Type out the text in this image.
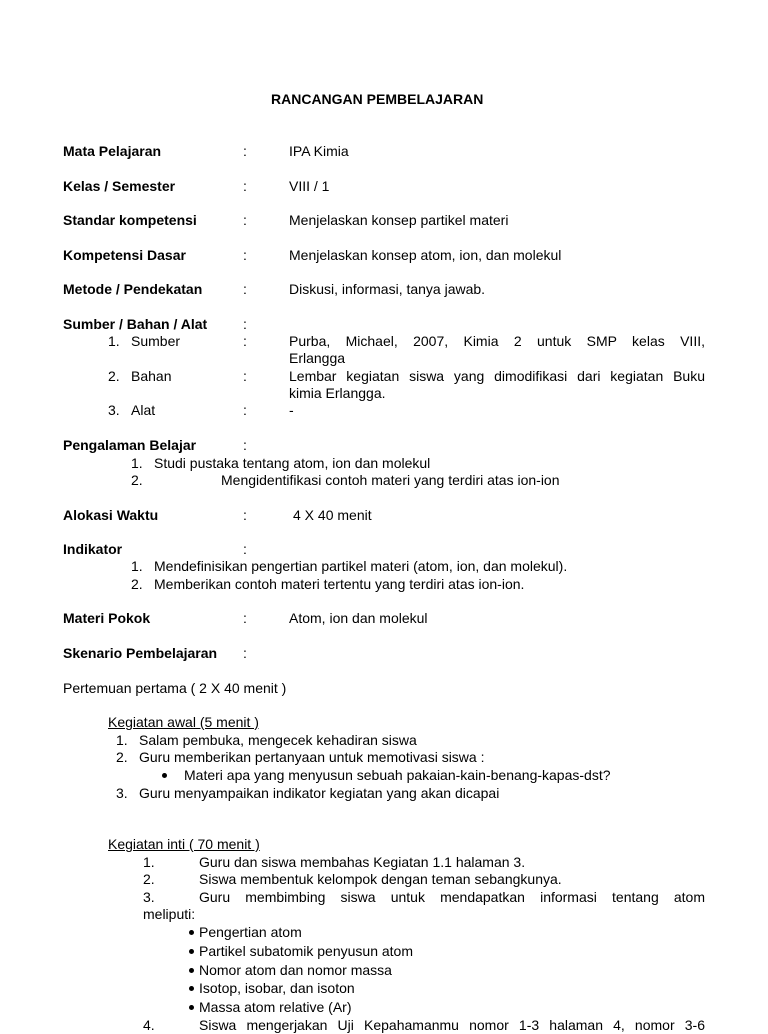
RANCANGAN PEMBELAJARAN
Mata Pelajaran	:	IPA Kimia
Kelas / Semester	:	VIII / 1
Standar kompetensi	:	Menjelaskan konsep partikel materi
Kompetensi Dasar	:	Menjelaskan konsep atom, ion, dan molekul
Metode / Pendekatan	:	Diskusi, informasi, tanya jawab.
Sumber / Bahan / Alat	:
1. Sumber	:	Purba, Michael, 2007, Kimia 2 untuk SMP kelas VIII,
Erlangga
2. Bahan	:	Lembar kegiatan siswa yang dimodifikasi dari kegiatan Buku
kimia Erlangga.
3. Alat	:	-
Pengalaman Belajar	:
1. Studi pustaka tentang atom, ion dan molekul
2.	Mengidentifikasi contoh materi yang terdiri atas ion-ion
Alokasi Waktu	:	4 X 40 menit
Indikator	:
1. Mendefinisikan pengertian partikel materi (atom, ion, dan molekul).
2. Memberikan contoh materi tertentu yang terdiri atas ion-ion.
Materi Pokok	:	Atom, ion dan molekul
Skenario Pembelajaran :
Pertemuan pertama ( 2 X 40 menit )
Kegiatan awal (5 menit )
1. Salam pembuka, mengecek kehadiran siswa
2. Guru memberikan pertanyaan untuk memotivasi siswa :
Materi apa yang menyusun sebuah pakaian-kain-benang-kapas-dst?
3. Guru menyampaikan indikator kegiatan yang akan dicapai
Kegiatan inti ( 70 menit )
1.	Guru dan siswa membahas Kegiatan 1.1 halaman 3.
2.	Siswa membentuk kelompok dengan teman sebangkunya.
3.	Guru membimbing siswa untuk mendapatkan informasi tentang atom
meliputi:
Pengertian atom
Partikel subatomik penyusun atom
Nomor atom dan nomor massa
Isotop, isobar, dan isoton
Massa atom relative (Ar)
4.	Siswa mengerjakan Uji Kepahamanmu nomor 1-3 halaman 4, nomor 3-6
